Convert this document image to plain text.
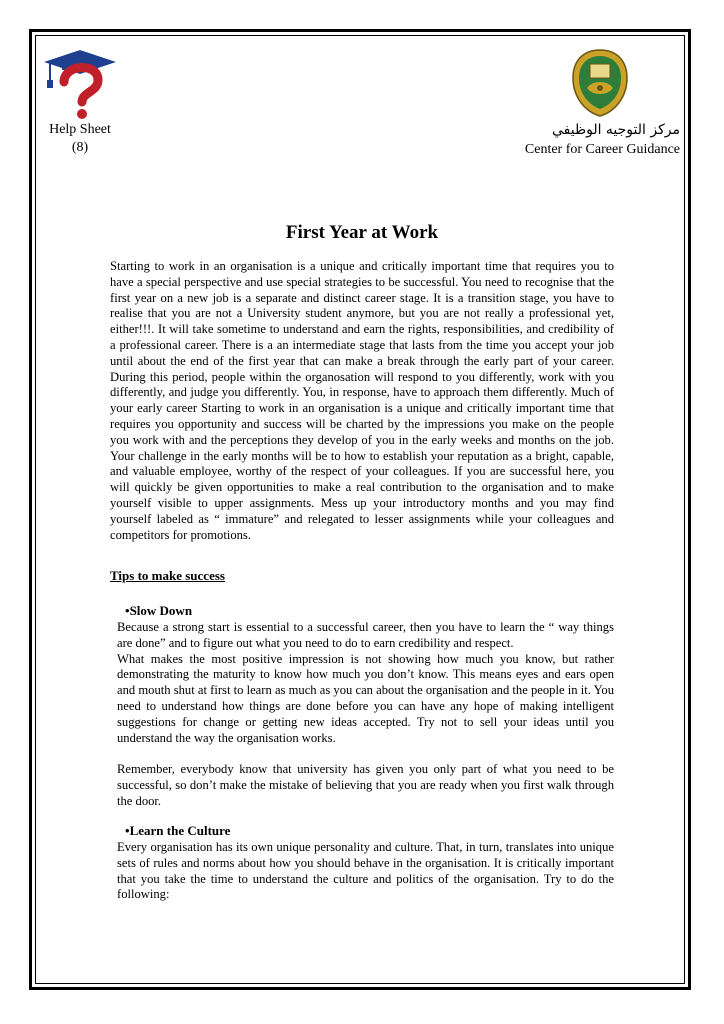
Help Sheet
(8)
مركز التوجيه الوظيفي
Center for Career Guidance
First Year at Work

Starting to work in an organisation is a unique and critically important time that requires you to have a special perspective and use special strategies to be successful. You need to recognise that the first year on a new job is a separate and distinct career stage. It is a transition stage, you have to realise that you are not a University student anymore, but you are not really a professional yet, either!!!. It will take sometime to understand and earn the rights, responsibilities, and credibility of a professional career. There is a an intermediate stage that lasts from the time you accept your job until about the end of the first year that can make a break through the early part of your career. During this period, people within the organosation will respond to you differently, work with you differently, and judge you differently. You, in response, have to approach them differently. Much of your early career Starting to work in an organisation is a unique and critically important time that requires you opportunity and success will be charted by the impressions you make on the people you work with and the perceptions they develop of you in the early weeks and months on the job. Your challenge in the early months will be to how to establish your reputation as a bright, capable, and valuable employee, worthy of the respect of your colleagues. If you are successful here, you will quickly be given opportunities to make a real contribution to the organisation and to make yourself visible to upper assignments. Mess up your introductory months and you may find yourself labeled as “ immature” and relegated to lesser assignments while your colleagues and competitors for promotions.

Tips to make success
•Slow Down

Because a strong start is essential to a successful career, then you have to learn the “ way things are done” and to figure out what you need to do to earn credibility and respect.

What makes the most positive impression is not showing how much you know, but rather demonstrating the maturity to know how much you don’t know. This means eyes and ears open and mouth shut at first to learn as much as you can about the organisation and the people in it. You need to understand how things are done before you can have any hope of making intelligent suggestions for change or getting new ideas accepted. Try not to sell your ideas until you understand the way the organisation works.

Remember, everybody know that university has given you only part of what you need to be successful, so don’t make the mistake of believing that you are ready when you first walk through the door.

•Learn the Culture

Every organisation has its own unique personality and culture. That, in turn, translates into unique sets of rules and norms about how you should behave in the organisation. It is critically important that you take the time to understand the culture and politics of the organisation. Try to do the following:
